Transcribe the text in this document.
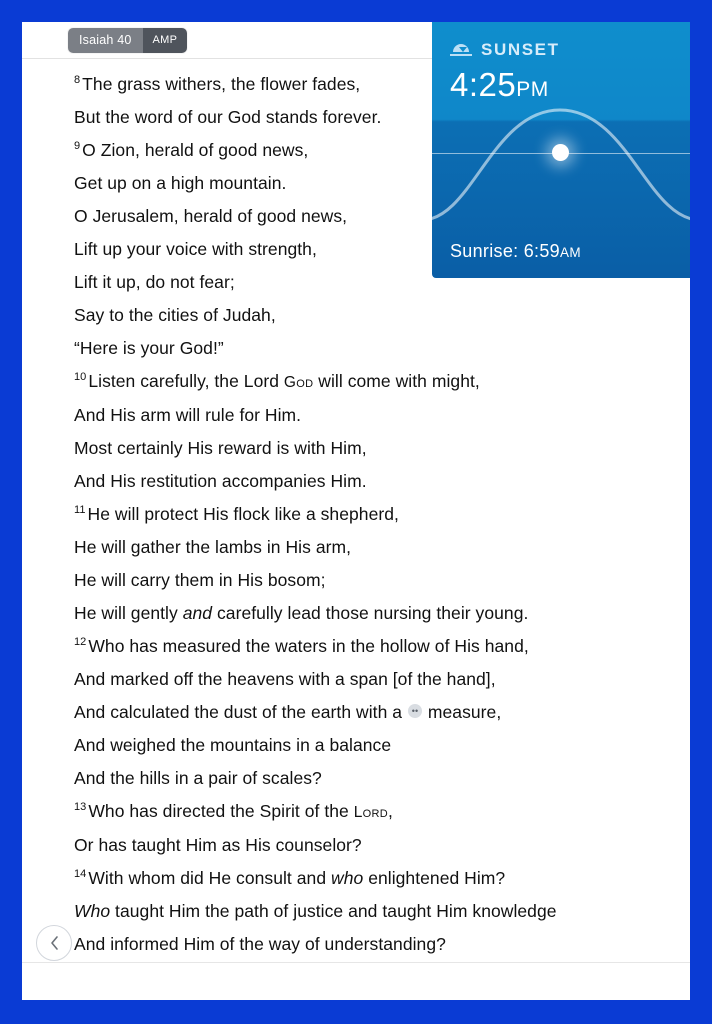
Isaiah 40	AMP
$^8$ The grass withers, the flower fades,
But the word of our God stands forever.
$^9$ O Zion, herald of good news,
Get up on a high mountain.
O Jerusalem, herald of good news,
Lift up your voice with strength,
Lift it up, do not fear;
Say to the cities of Judah,
“Here is your God!”
$^{10}$ Listen carefully, the Lord God will come with might,
And His arm will rule for Him.
Most certainly His reward is with Him,
And His restitution accompanies Him.
$^{11}$ He will protect His flock like a shepherd,
He will gather the lambs in His arm,
He will carry them in His bosom;
He will gently and carefully lead those nursing their young.
$^{12}$ Who has measured the waters in the hollow of His hand,
And marked off the heavens with a span [of the hand],
And calculated the dust of the earth with a •• measure,
And weighed the mountains in a balance
And the hills in a pair of scales?
$^{13}$ Who has directed the Spirit of the Lord,
Or has taught Him as His counselor?
$^{14}$ With whom did He consult and who enlightened Him?
Who taught Him the path of justice and taught Him knowledge
And informed Him of the way of understanding?
SUNSET
4:25PM
Sunrise: 6:59AM
